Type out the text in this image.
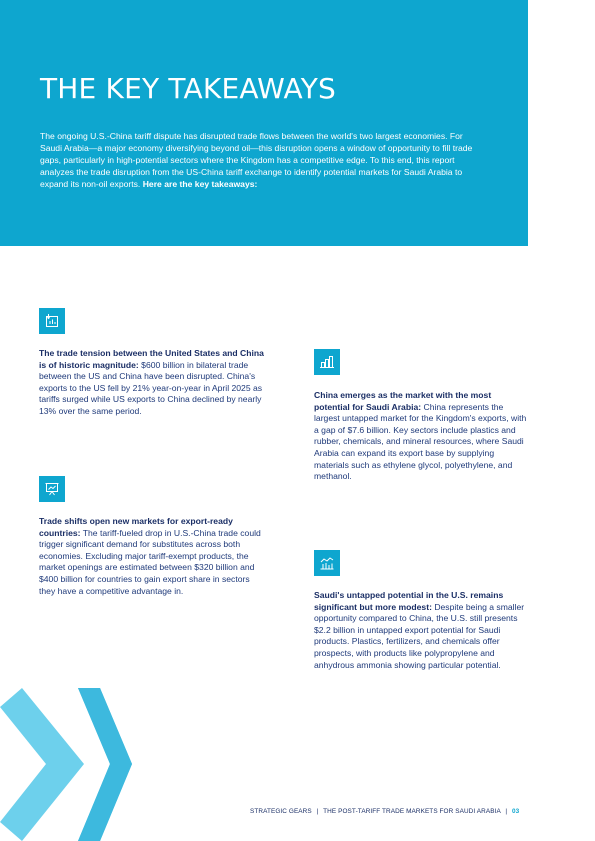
THE KEY TAKEAWAYS

The ongoing U.S.-China tariff dispute has disrupted trade flows between the world's two largest economies. For Saudi Arabia—a major economy diversifying beyond oil—this disruption opens a window of opportunity to fill trade gaps, particularly in high-potential sectors where the Kingdom has a competitive edge. To this end, this report analyzes the trade disruption from the US-China tariff exchange to identify potential markets for Saudi Arabia to expand its non-oil exports. Here are the key takeaways:

The trade tension between the United States and China is of historic magnitude: $600 billion in bilateral trade between the US and China have been disrupted. China's exports to the US fell by 21% year-on-year in April 2025 as tariffs surged while US exports to China declined by nearly 13% over the same period.

Trade shifts open new markets for export-ready countries: The tariff-fueled drop in U.S.-China trade could trigger significant demand for substitutes across both economies. Excluding major tariff-exempt products, the market openings are estimated between $320 billion and $400 billion for countries to gain export share in sectors they have a competitive advantage in.

China emerges as the market with the most potential for Saudi Arabia: China represents the largest untapped market for the Kingdom's exports, with a gap of $7.6 billion. Key sectors include plastics and rubber, chemicals, and mineral resources, where Saudi Arabia can expand its export base by supplying materials such as ethylene glycol, polyethylene, and methanol.

Saudi's untapped potential in the U.S. remains significant but more modest: Despite being a smaller opportunity compared to China, the U.S. still presents $2.2 billion in untapped export potential for Saudi products. Plastics, fertilizers, and chemicals offer prospects, with products like polypropylene and anhydrous ammonia showing particular potential.

STRATEGIC GEARS | THE POST-TARIFF TRADE MARKETS FOR SAUDI ARABIA | 03
